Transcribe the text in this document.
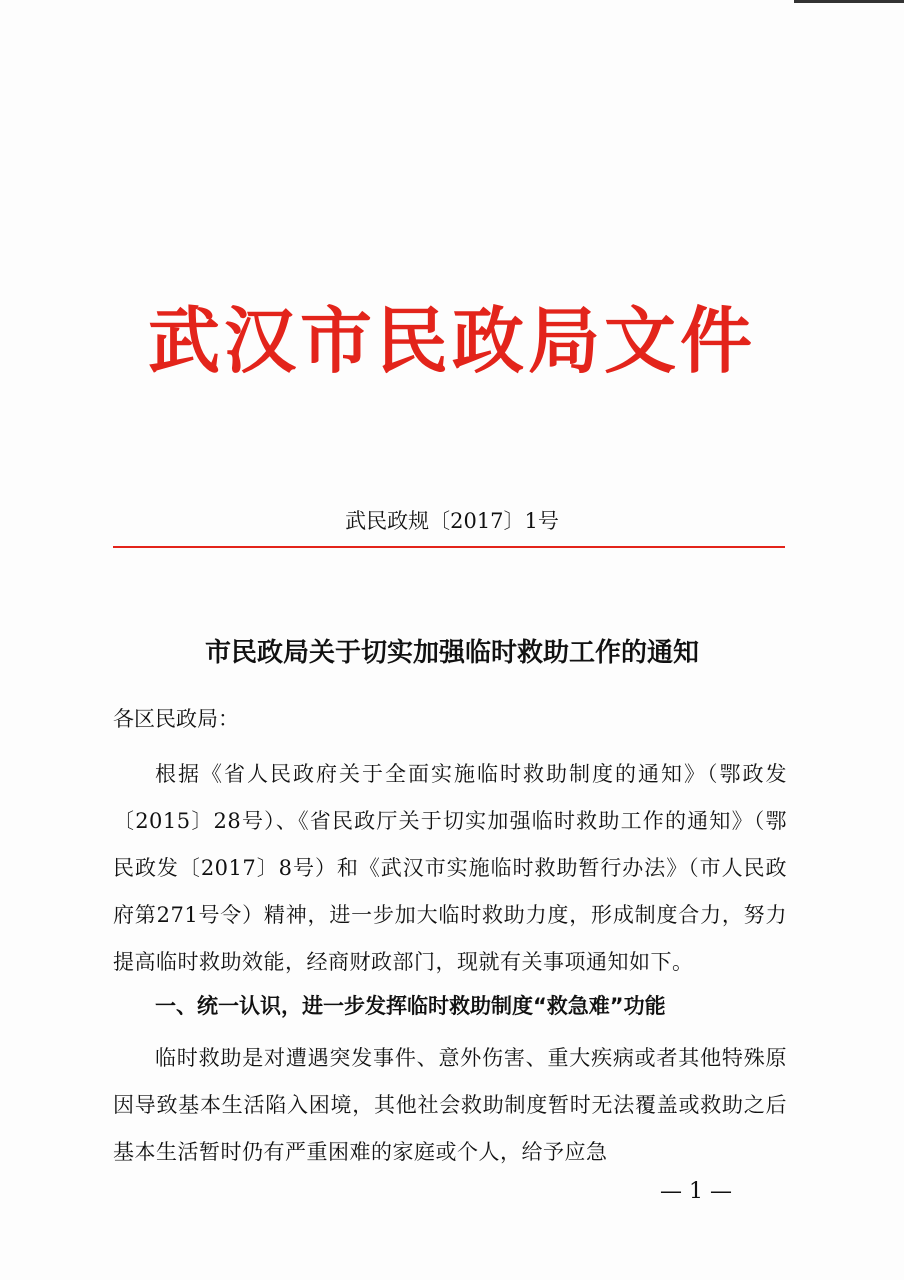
武汉市民政局文件
武民政规〔2017〕1号
市民政局关于切实加强临时救助工作的通知
各区民政局：
根据《省人民政府关于全面实施临时救助制度的通知》（鄂政发〔2015〕28号）、《省民政厅关于切实加强临时救助工作的通知》（鄂民政发〔2017〕8号）和《武汉市实施临时救助暂行办法》（市人民政府第271号令）精神，进一步加大临时救助力度，形成制度合力，努力提高临时救助效能，经商财政部门，现就有关事项通知如下。
一、统一认识，进一步发挥临时救助制度“救急难”功能
临时救助是对遭遇突发事件、意外伤害、重大疾病或者其他特殊原因导致基本生活陷入困境，其他社会救助制度暂时无法覆盖或救助之后基本生活暂时仍有严重困难的家庭或个人，给予应急
— 1 —
